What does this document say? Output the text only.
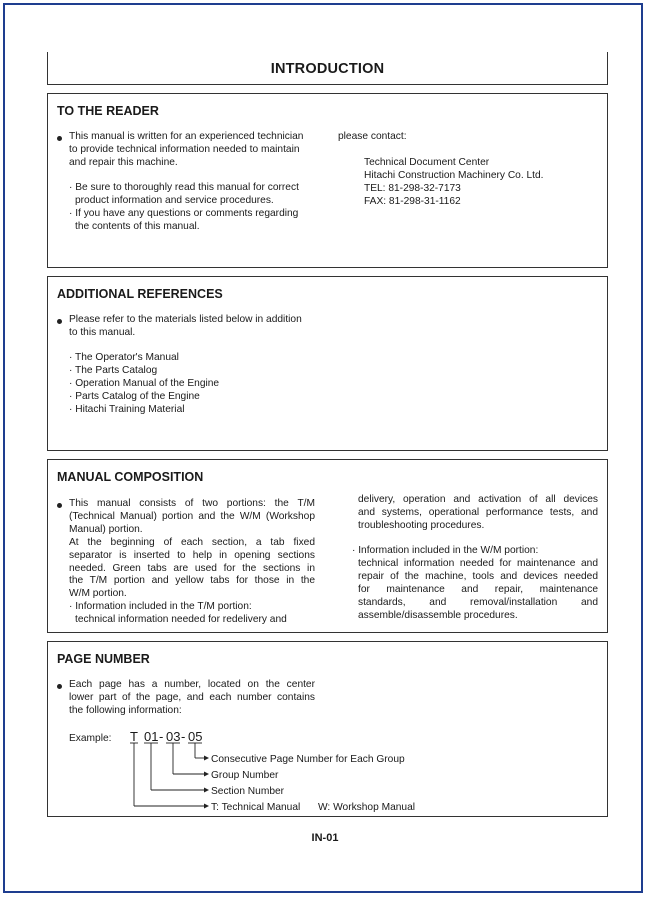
INTRODUCTION
TO THE READER
This manual is written for an experienced technician
to provide technical information needed to maintain
and repair this machine.
· Be sure to thoroughly read this manual for correct
product information and service procedures.
· If you have any questions or comments regarding
the contents of this manual.
please contact:
Technical Document Center
Hitachi Construction Machinery Co. Ltd.
TEL: 81-298-32-7173
FAX: 81-298-31-1162
ADDITIONAL REFERENCES
Please refer to the materials listed below in addition
to this manual.
· The Operator's Manual
· The Parts Catalog
· Operation Manual of the Engine
· Parts Catalog of the Engine
· Hitachi Training Material
MANUAL COMPOSITION
This manual consists of two portions: the T/M
(Technical Manual) portion and the W/M (Workshop
Manual) portion.
At the beginning of each section, a tab fixed
separator is inserted to help in opening sections
needed. Green tabs are used for the sections in
the T/M portion and yellow tabs for those in the
W/M portion.
· Information included in the T/M portion:
technical information needed for redelivery and
delivery, operation and activation of all devices
and systems, operational performance tests, and
troubleshooting procedures.
· Information included in the W/M portion:
technical information needed for maintenance and
repair of the machine, tools and devices needed
for maintenance and repair, maintenance
standards, and removal/installation and
assemble/disassemble procedures.
PAGE NUMBER
Each page has a number, located on the center
lower part of the page, and each number contains
the following information:
Example: T 01 - 03 - 05
Consecutive Page Number for Each Group
Group Number
Section Number
T: Technical Manual W: Workshop Manual
IN-01
